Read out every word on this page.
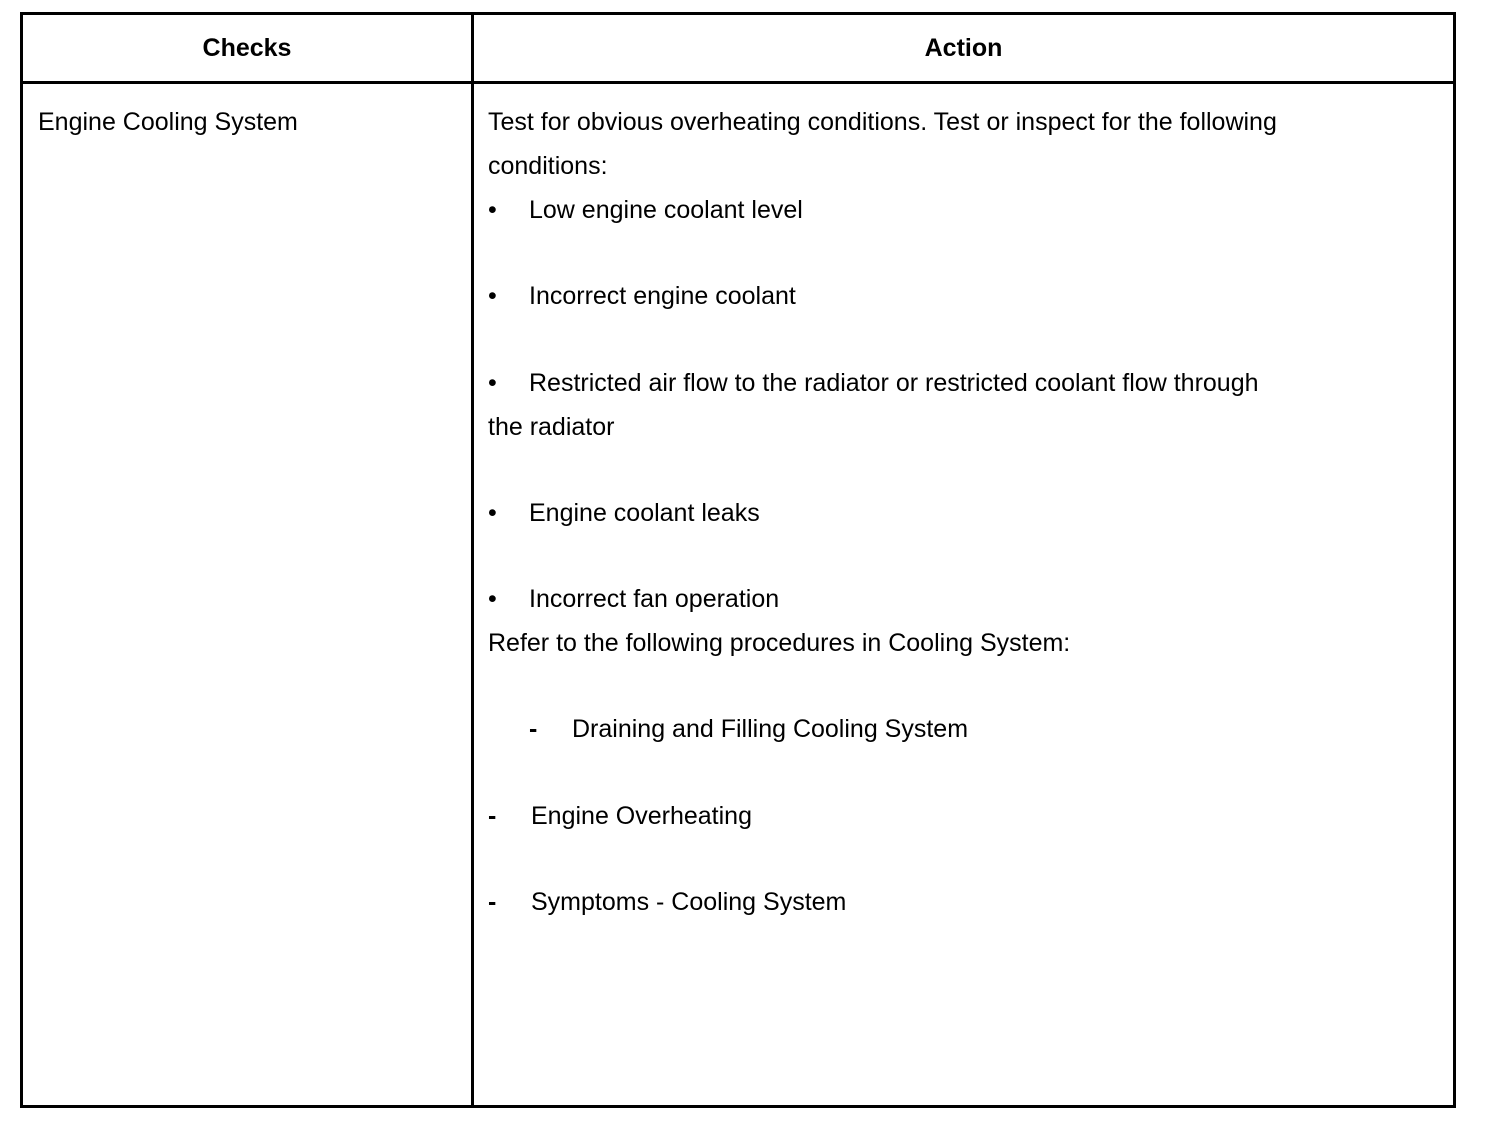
Checks	Action
Engine Cooling System	Test for obvious overheating conditions. Test or inspect for the following
conditions:
• Low engine coolant level
• Incorrect engine coolant
• Restricted air flow to the radiator or restricted coolant flow through
the radiator
• Engine coolant leaks
• Incorrect fan operation
Refer to the following procedures in Cooling System:
- Draining and Filling Cooling System
- Engine Overheating
- Symptoms - Cooling System
